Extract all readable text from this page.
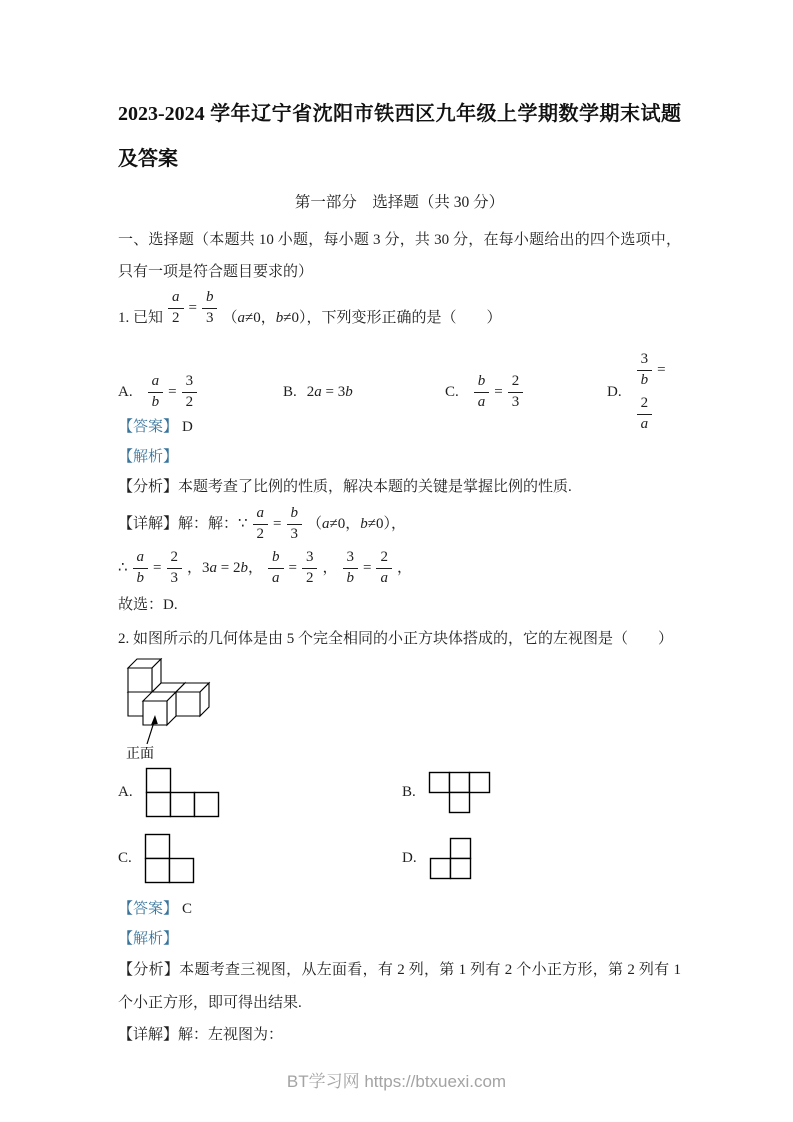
2023-2024 学年辽宁省沈阳市铁西区九年级上学期数学期末试题及答案
第一部分　选择题（共 30 分）

一、选择题（本题共 10 小题，每小题 3 分，共 30 分，在每小题给出的四个选项中，只有一项是符合题目要求的）

1. 已知 $\frac{a}{2} = \frac{b}{3} (a\ne 0$，b≠0），下列变形正确的是（　　）
A. $\frac{a}{b} = \frac{3}{2}$	B. 2a = 3b	C. $\frac{b}{a} = \frac{2}{3}$	D.
$\frac{3}{b}$ =
$\frac{2}{a}$

【答案】 D

【解析】

【分析】本题考查了比例的性质，解决本题的关键是掌握比例的性质.

【详解】解：解：∵ $\frac{a}{2} = \frac{b}{3} (a\ne 0$，b≠0），
∴ $\frac{a}{b} = \frac{2}{3}$ ，3a = 2b， $\frac{b}{a} = \frac{3}{2}$ ， $\frac{3}{b} = \frac{2}{a}$ ，

故选：D.

2. 如图所示的几何体是由 5 个完全相同的小正方块体搭成的，它的左视图是（　　）

正面
A.	B.
C.	D.

【答案】 C

【解析】

【分析】本题考查三视图，从左面看，有 2 列，第 1 列有 2 个小正方形，第 2 列有 1 个小正方形，即可得出结果.

【详解】解：左视图为：

BT学习网 https://btxuexi.com
